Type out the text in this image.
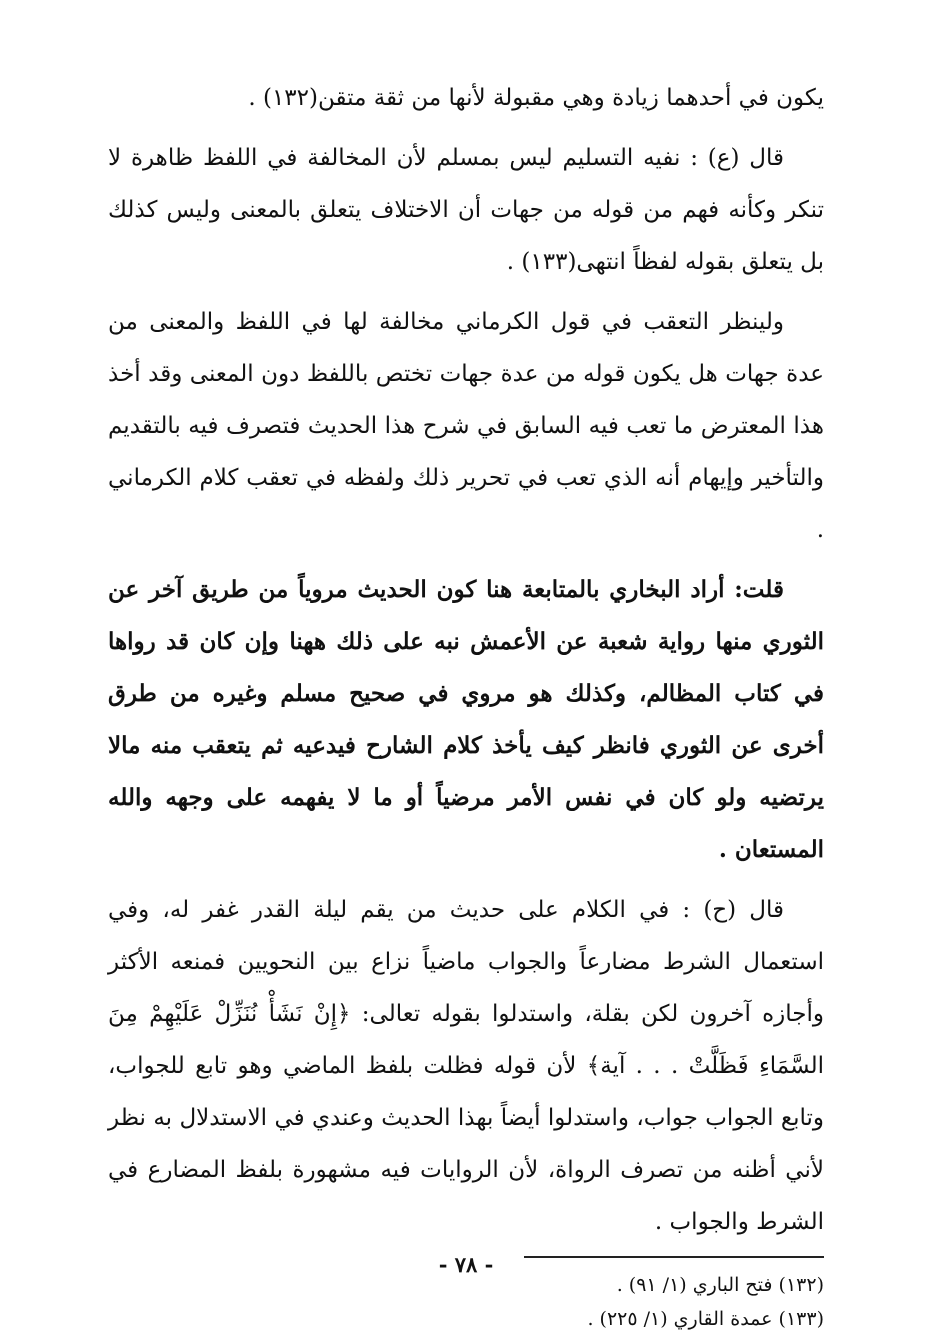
يكون في أحدهما زيادة وهي مقبولة لأنها من ثقة متقن(١٣٢) .

قال (ع) : نفيه التسليم ليس بمسلم لأن المخالفة في اللفظ ظاهرة لا تنكر وكأنه فهم من قوله من جهات أن الاختلاف يتعلق بالمعنى وليس كذلك بل يتعلق بقوله لفظاً انتهى(١٣٣) .

ولينظر التعقب في قول الكرماني مخالفة لها في اللفظ والمعنى من عدة جهات هل يكون قوله من عدة جهات تختص باللفظ دون المعنى وقد أخذ هذا المعترض ما تعب فيه السابق في شرح هذا الحديث فتصرف فيه بالتقديم والتأخير وإيهام أنه الذي تعب في تحرير ذلك ولفظه في تعقب كلام الكرماني .

قلت: أراد البخاري بالمتابعة هنا كون الحديث مروياً من طريق آخر عن الثوري منها رواية شعبة عن الأعمش نبه على ذلك ههنا وإن كان قد رواها في كتاب المظالم، وكذلك هو مروي في صحيح مسلم وغيره من طرق أخرى عن الثوري فانظر كيف يأخذ كلام الشارح فيدعيه ثم يتعقب منه مالا يرتضيه ولو كان في نفس الأمر مرضياً أو ما لا يفهمه على وجهه والله المستعان .

قال (ح) : في الكلام على حديث من يقم ليلة القدر غفر له، وفي استعمال الشرط مضارعاً والجواب ماضياً نزاع بين النحويين فمنعه الأكثر وأجازه آخرون لكن بقلة، واستدلوا بقوله تعالى: ﴿إِنْ نَشَأْ نُنَزِّلْ عَلَيْهِمْ مِنَ السَّمَاءِ فَظَلَّتْ . . . آية﴾ لأن قوله فظلت بلفظ الماضي وهو تابع للجواب، وتابع الجواب جواب، واستدلوا أيضاً بهذا الحديث وعندي في الاستدلال به نظر لأني أظنه من تصرف الرواة، لأن الروايات فيه مشهورة بلفظ المضارع في الشرط والجواب .

(١٣٢) فتح الباري (١/ ٩١) .

(١٣٣) عمدة القاري (١/ ٢٢٥) .

- ٧٨ -
